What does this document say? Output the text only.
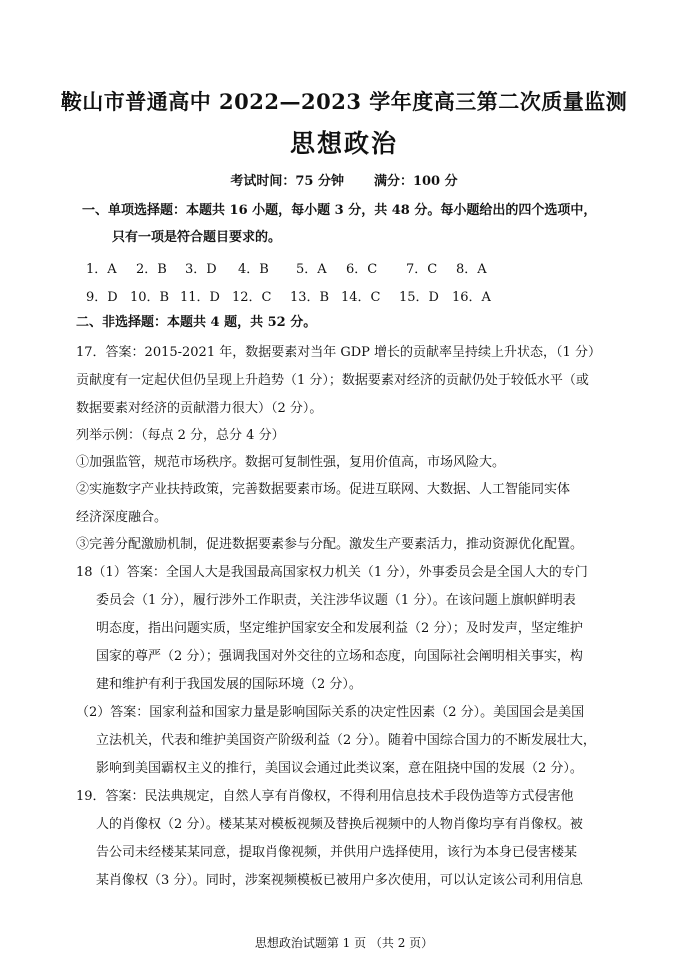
鞍山市普通高中 2022—2023 学年度高三第二次质量监测
思想政治
考试时间：75 分钟 满分：100 分
一、单项选择题：本题共 16 小题，每小题 3 分，共 48 分。每小题给出的四个选项中，
只有一项是符合题目要求的。
1．A 2．B 3．D 4．B 5．A 6．C 7．C 8．A
9．D 10．B 11．D 12．C 13．B 14．C 15．D 16．A
二、非选择题：本题共 4 题，共 52 分。
17．答案：2015-2021 年，数据要素对当年 GDP 增长的贡献率呈持续上升状态，（1 分）
贡献度有一定起伏但仍呈现上升趋势（1 分）；数据要素对经济的贡献仍处于较低水平（或
数据要素对经济的贡献潜力很大）（2 分）。
列举示例：（每点 2 分，总分 4 分）
①加强监管，规范市场秩序。数据可复制性强，复用价值高，市场风险大。
②实施数字产业扶持政策，完善数据要素市场。促进互联网、大数据、人工智能同实体
经济深度融合。
③完善分配激励机制，促进数据要素参与分配。激发生产要素活力，推动资源优化配置。
18（1）答案：全国人大是我国最高国家权力机关（1 分），外事委员会是全国人大的专门
委员会（1 分），履行涉外工作职责，关注涉华议题（1 分）。在该问题上旗帜鲜明表
明态度，指出问题实质，坚定维护国家安全和发展利益（2 分）；及时发声，坚定维护
国家的尊严（2 分）；强调我国对外交往的立场和态度，向国际社会阐明相关事实，构
建和维护有利于我国发展的国际环境（2 分）。
（2）答案：国家利益和国家力量是影响国际关系的决定性因素（2 分）。美国国会是美国
立法机关，代表和维护美国资产阶级利益（2 分）。随着中国综合国力的不断发展壮大，
影响到美国霸权主义的推行，美国议会通过此类议案，意在阻挠中国的发展（2 分）。
19．答案：民法典规定，自然人享有肖像权，不得利用信息技术手段伪造等方式侵害他
人的肖像权（2 分）。楼某某对模板视频及替换后视频中的人物肖像均享有肖像权。被
告公司未经楼某某同意，提取肖像视频，并供用户选择使用，该行为本身已侵害楼某
某肖像权（3 分）。同时，涉案视频模板已被用户多次使用，可以认定该公司利用信息
思想政治试题第 1 页 （共 2 页）
